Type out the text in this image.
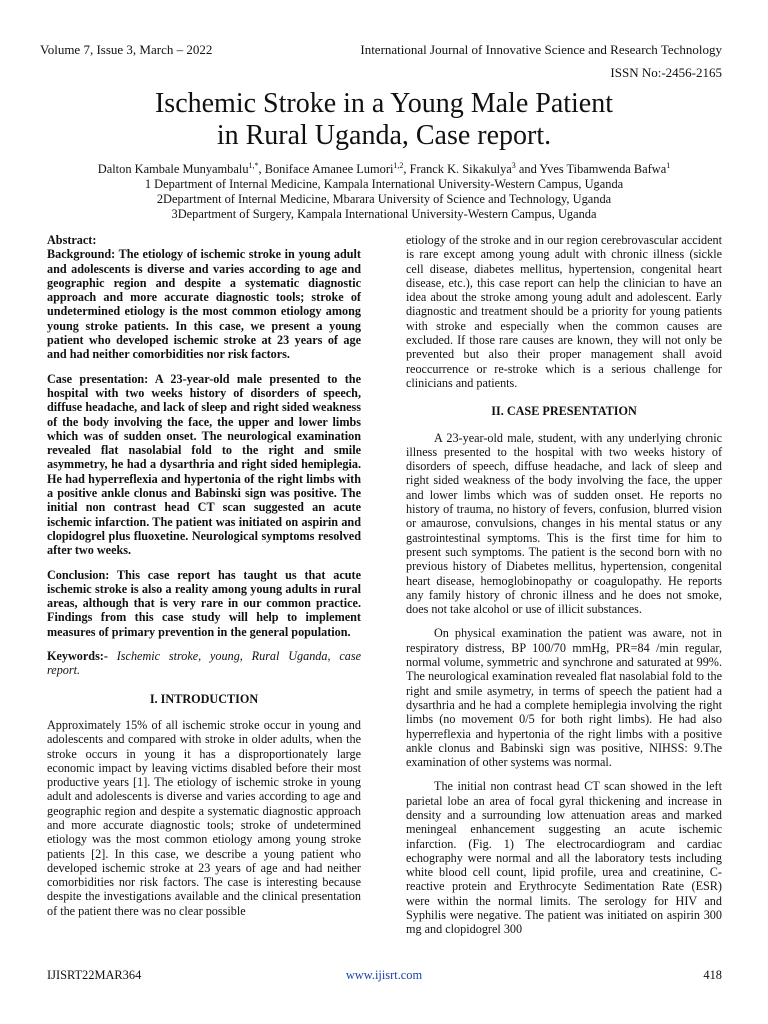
Volume 7, Issue 3, March – 2022	International Journal of Innovative Science and Research Technology
ISSN No:-2456-2165
Ischemic Stroke in a Young Male Patient
in Rural Uganda, Case report.
Dalton Kambale Munyambalu$^{1,*}$, Boniface Amanee Lumori$^{1,2}$, Franck K. Sikakulya$^3$ and Yves Tibamwenda Bafwa$^1$
1 Department of Internal Medicine, Kampala International University-Western Campus, Uganda
2Department of Internal Medicine, Mbarara University of Science and Technology, Uganda
3Department of Surgery, Kampala International University-Western Campus, Uganda

Abstract:

Background: The etiology of ischemic stroke in young adult and adolescents is diverse and varies according to age and geographic region and despite a systematic diagnostic approach and more accurate diagnostic tools; stroke of undetermined etiology is the most common etiology among young stroke patients. In this case, we present a young patient who developed ischemic stroke at 23 years of age and had neither comorbidities nor risk factors.

Case presentation: A 23-year-old male presented to the hospital with two weeks history of disorders of speech, diffuse headache, and lack of sleep and right sided weakness of the body involving the face, the upper and lower limbs which was of sudden onset. The neurological examination revealed flat nasolabial fold to the right and smile asymmetry, he had a dysarthria and right sided hemiplegia. He had hyperreflexia and hypertonia of the right limbs with a positive ankle clonus and Babinski sign was positive. The initial non contrast head CT scan suggested an acute ischemic infarction. The patient was initiated on aspirin and clopidogrel plus fluoxetine. Neurological symptoms resolved after two weeks.

Conclusion: This case report has taught us that acute ischemic stroke is also a reality among young adults in rural areas, although that is very rare in our common practice. Findings from this case study will help to implement measures of primary prevention in the general population.

Keywords:- Ischemic stroke, young, Rural Uganda, case report.

I. INTRODUCTION

Approximately 15% of all ischemic stroke occur in young and adolescents and compared with stroke in older adults, when the stroke occurs in young it has a disproportionately large economic impact by leaving victims disabled before their most productive years [1]. The etiology of ischemic stroke in young adult and adolescents is diverse and varies according to age and geographic region and despite a systematic diagnostic approach and more accurate diagnostic tools; stroke of undetermined etiology was the most common etiology among young stroke patients [2]. In this case, we describe a young patient who developed ischemic stroke at 23 years of age and had neither comorbidities nor risk factors. The case is interesting because despite the investigations available and the clinical presentation of the patient there was no clear possible

etiology of the stroke and in our region cerebrovascular accident is rare except among young adult with chronic illness (sickle cell disease, diabetes mellitus, hypertension, congenital heart disease, etc.), this case report can help the clinician to have an idea about the stroke among young adult and adolescent. Early diagnostic and treatment should be a priority for young patients with stroke and especially when the common causes are excluded. If those rare causes are known, they will not only be prevented but also their proper management shall avoid reoccurrence or re-stroke which is a serious challenge for clinicians and patients.

II. CASE PRESENTATION

A 23-year-old male, student, with any underlying chronic illness presented to the hospital with two weeks history of disorders of speech, diffuse headache, and lack of sleep and right sided weakness of the body involving the face, the upper and lower limbs which was of sudden onset. He reports no history of trauma, no history of fevers, confusion, blurred vision or amaurose, convulsions, changes in his mental status or any gastrointestinal symptoms. This is the first time for him to present such symptoms. The patient is the second born with no previous history of Diabetes mellitus, hypertension, congenital heart disease, hemoglobinopathy or coagulopathy. He reports any family history of chronic illness and he does not smoke, does not take alcohol or use of illicit substances.

On physical examination the patient was aware, not in respiratory distress, BP 100/70 mmHg, PR=84 /min regular, normal volume, symmetric and synchrone and saturated at 99%. The neurological examination revealed flat nasolabial fold to the right and smile asymetry, in terms of speech the patient had a dysarthria and he had a complete hemiplegia involving the right limbs (no movement 0/5 for both right limbs). He had also hyperreflexia and hypertonia of the right limbs with a positive ankle clonus and Babinski sign was positive, NIHSS: 9.The examination of other systems was normal.

The initial non contrast head CT scan showed in the left parietal lobe an area of focal gyral thickening and increase in density and a surrounding low attenuation areas and marked meningeal enhancement suggesting an acute ischemic infarction. (Fig. 1) The electrocardiogram and cardiac echography were normal and all the laboratory tests including white blood cell count, lipid profile, urea and creatinine, C-reactive protein and Erythrocyte Sedimentation Rate (ESR) were within the normal limits. The serology for HIV and Syphilis were negative. The patient was initiated on aspirin 300 mg and clopidogrel 300

IJISRT22MAR364	www.ijisrt.com	418
